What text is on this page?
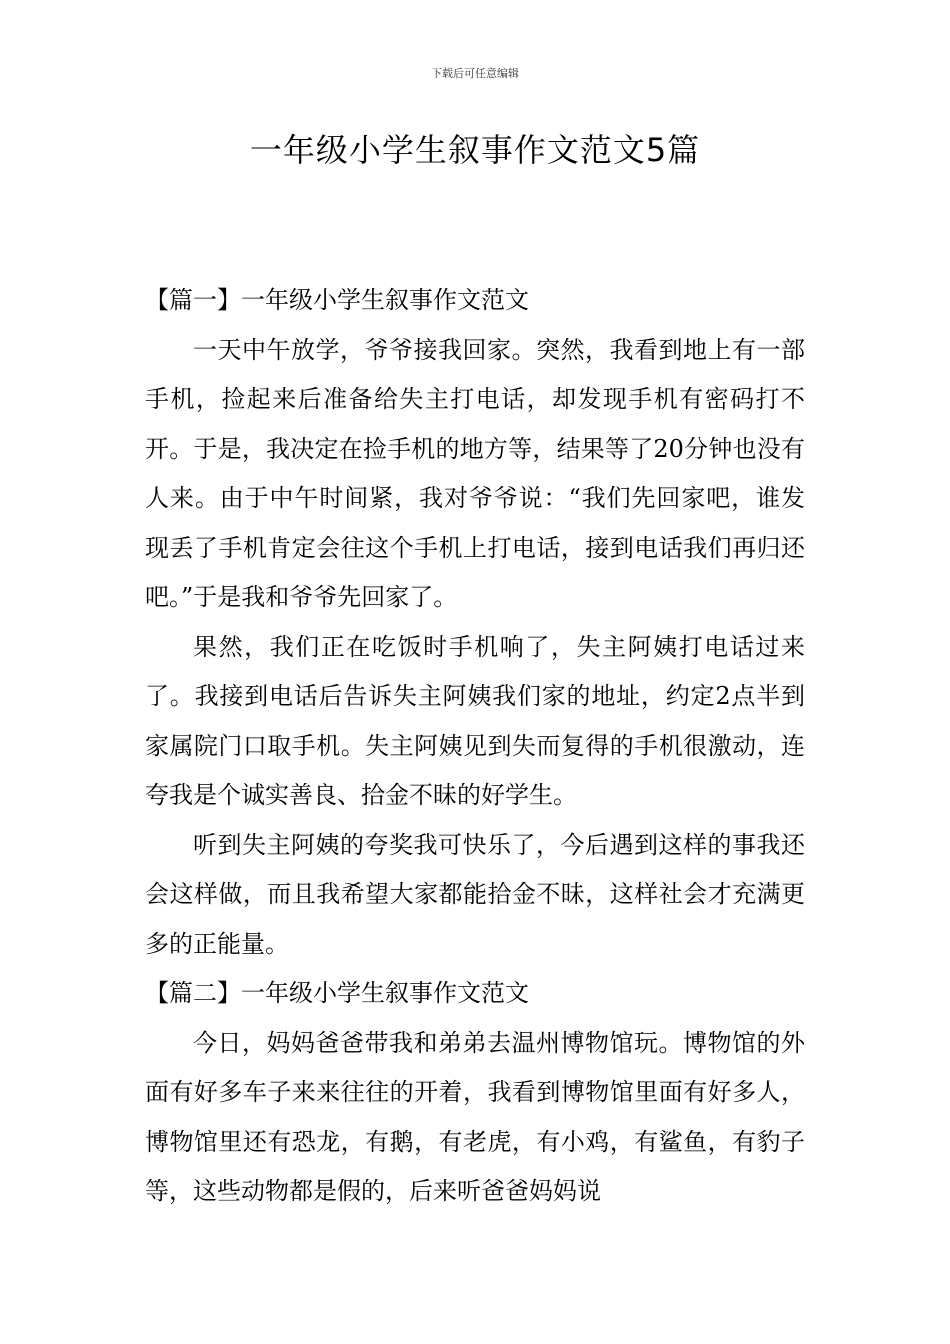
下载后可任意编辑
一年级小学生叙事作文范文5篇
【篇一】一年级小学生叙事作文范文

一天中午放学，爷爷接我回家。突然，我看到地上有一部手机，捡起来后准备给失主打电话，却发现手机有密码打不开。于是，我决定在捡手机的地方等，结果等了20分钟也没有人来。由于中午时间紧，我对爷爷说：“我们先回家吧，谁发现丢了手机肯定会往这个手机上打电话，接到电话我们再归还吧。”于是我和爷爷先回家了。

果然，我们正在吃饭时手机响了，失主阿姨打电话过来了。我接到电话后告诉失主阿姨我们家的地址，约定2点半到家属院门口取手机。失主阿姨见到失而复得的手机很激动，连夸我是个诚实善良、拾金不昧的好学生。

听到失主阿姨的夸奖我可快乐了，今后遇到这样的事我还会这样做，而且我希望大家都能拾金不昧，这样社会才充满更多的正能量。

【篇二】一年级小学生叙事作文范文

今日，妈妈爸爸带我和弟弟去温州博物馆玩。博物馆的外面有好多车子来来往往的开着，我看到博物馆里面有好多人，博物馆里还有恐龙，有鹅，有老虎，有小鸡，有鲨鱼，有豹子等，这些动物都是假的，后来听爸爸妈妈说
